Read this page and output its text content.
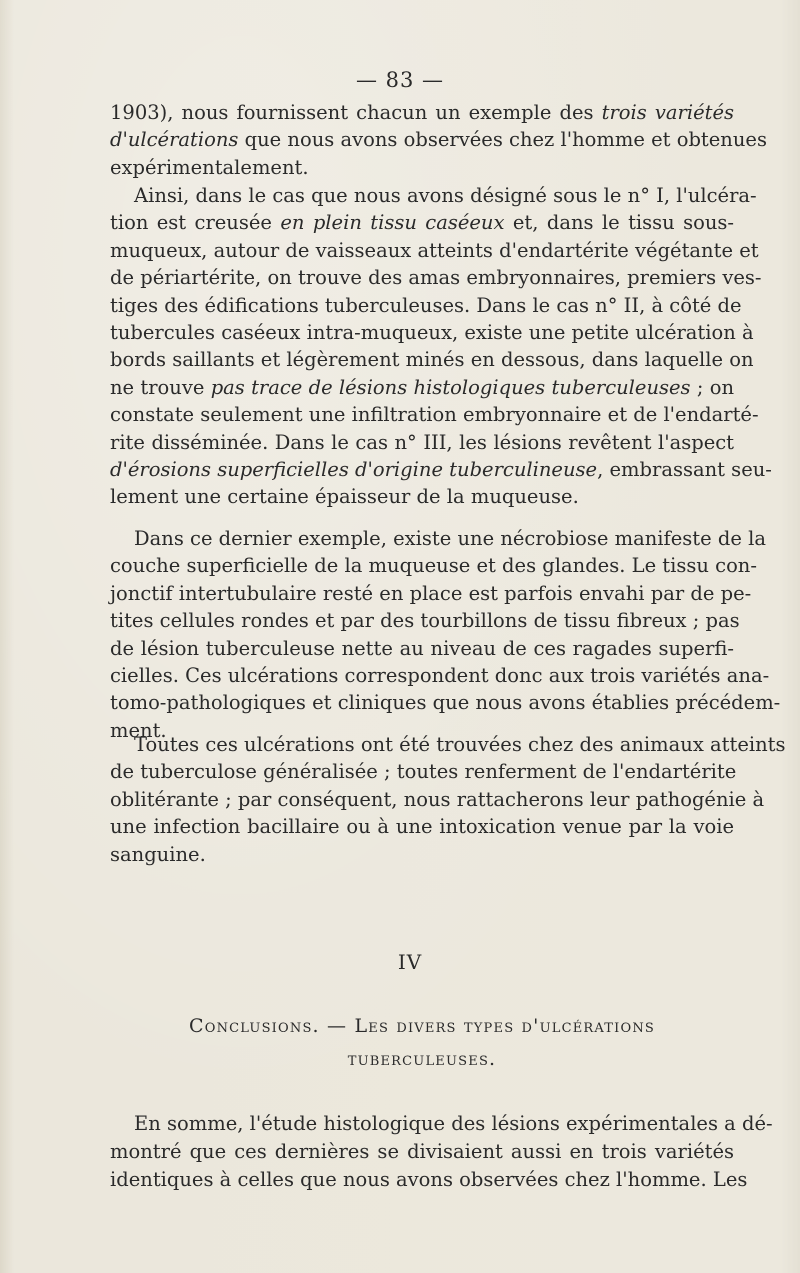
— 83 —
1903), nous fournissent chacun un exemple des trois variétés
d'ulcérations que nous avons observées chez l'homme et obtenues
expérimentalement.
Ainsi, dans le cas que nous avons désigné sous le n° I, l'ulcéra-
tion est creusée en plein tissu caséeux et, dans le tissu sous-
muqueux, autour de vaisseaux atteints d'endartérite végétante et
de périartérite, on trouve des amas embryonnaires, premiers ves-
tiges des édifications tuberculeuses. Dans le cas n° II, à côté de
tubercules caséeux intra-muqueux, existe une petite ulcération à
bords saillants et légèrement minés en dessous, dans laquelle on
ne trouve pas trace de lésions histologiques tuberculeuses ; on
constate seulement une infiltration embryonnaire et de l'endarté-
rite disséminée. Dans le cas n° III, les lésions revêtent l'aspect
d'érosions superficielles d'origine tuberculineuse, embrassant seu-
lement une certaine épaisseur de la muqueuse.
Dans ce dernier exemple, existe une nécrobiose manifeste de la
couche superficielle de la muqueuse et des glandes. Le tissu con-
jonctif intertubulaire resté en place est parfois envahi par de pe-
tites cellules rondes et par des tourbillons de tissu fibreux ; pas
de lésion tuberculeuse nette au niveau de ces ragades superfi-
cielles. Ces ulcérations correspondent donc aux trois variétés ana-
tomo-pathologiques et cliniques que nous avons établies précédem-
ment.
Toutes ces ulcérations ont été trouvées chez des animaux atteints
de tuberculose généralisée ; toutes renferment de l'endartérite
oblitérante ; par conséquent, nous rattacherons leur pathogénie à
une infection bacillaire ou à une intoxication venue par la voie
sanguine.
IV
Conclusions. — Les divers types d'ulcérations
tuberculeuses.
En somme, l'étude histologique des lésions expérimentales a dé-
montré que ces dernières se divisaient aussi en trois variétés
identiques à celles que nous avons observées chez l'homme. Les
